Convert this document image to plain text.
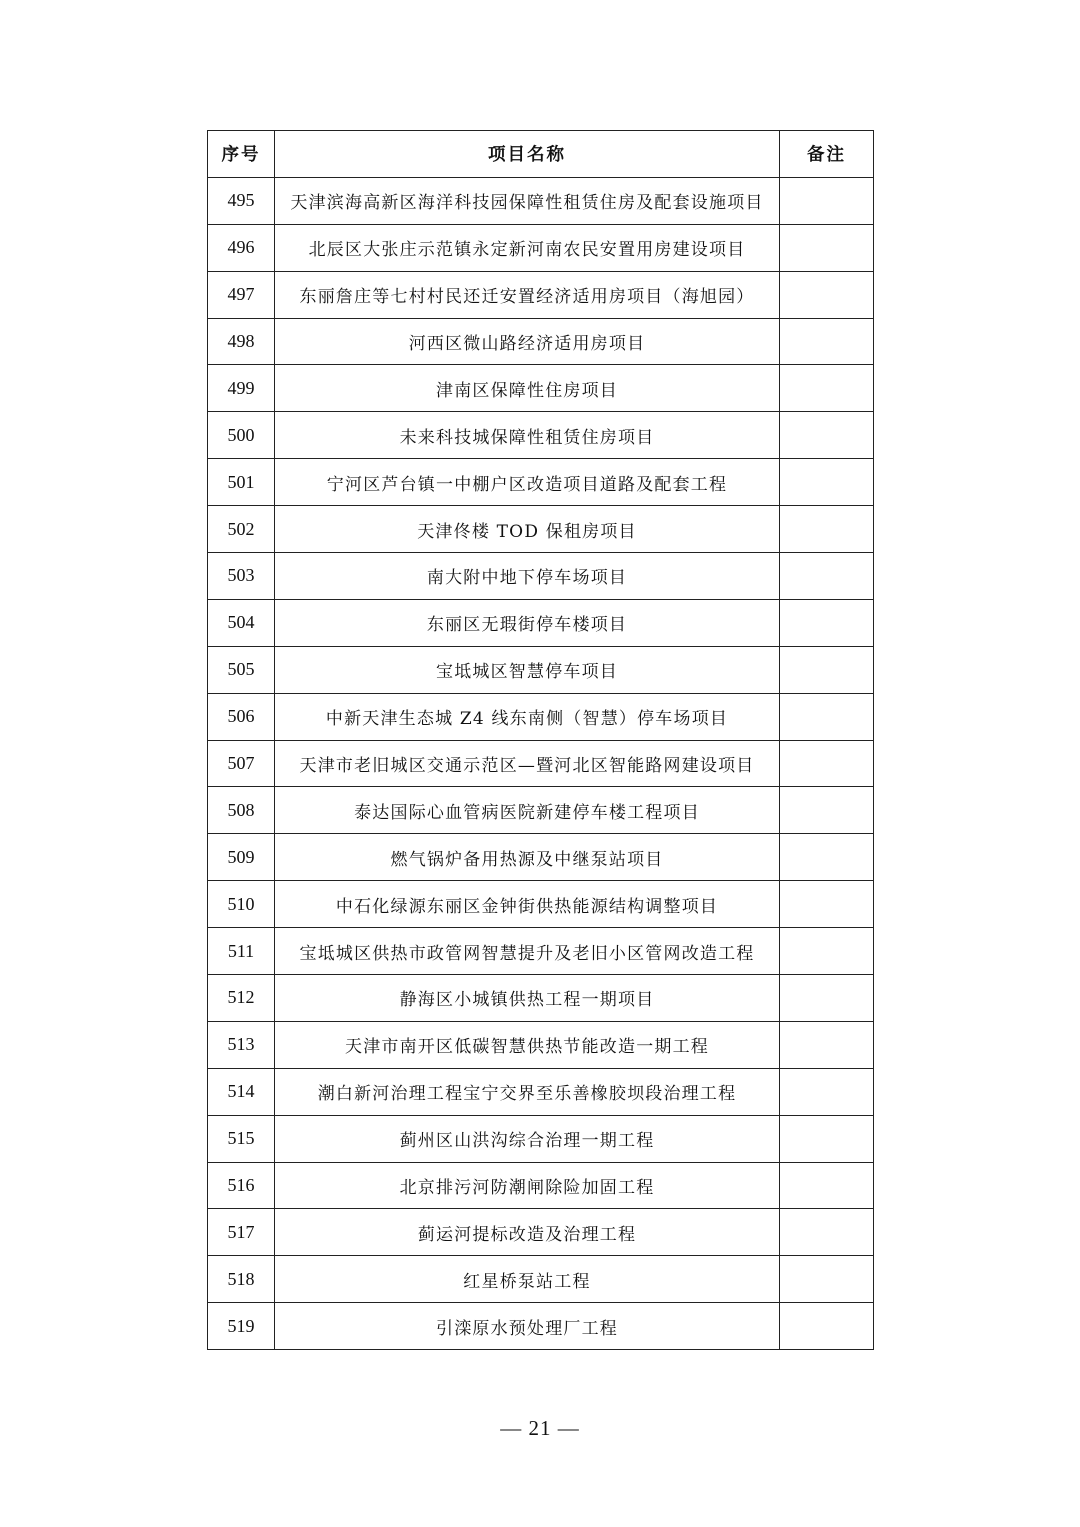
序号	项目名称	备注
495	天津滨海高新区海洋科技园保障性租赁住房及配套设施项目	
496	北辰区大张庄示范镇永定新河南农民安置用房建设项目	
497	东丽詹庄等七村村民还迁安置经济适用房项目（海旭园）	
498	河西区微山路经济适用房项目	
499	津南区保障性住房项目	
500	未来科技城保障性租赁住房项目	
501	宁河区芦台镇一中棚户区改造项目道路及配套工程	
502	天津佟楼 TOD 保租房项目	
503	南大附中地下停车场项目	
504	东丽区无瑕街停车楼项目	
505	宝坻城区智慧停车项目	
506	中新天津生态城 Z4 线东南侧（智慧）停车场项目	
507	天津市老旧城区交通示范区—暨河北区智能路网建设项目	
508	泰达国际心血管病医院新建停车楼工程项目	
509	燃气锅炉备用热源及中继泵站项目	
510	中石化绿源东丽区金钟街供热能源结构调整项目	
511	宝坻城区供热市政管网智慧提升及老旧小区管网改造工程	
512	静海区小城镇供热工程一期项目	
513	天津市南开区低碳智慧供热节能改造一期工程	
514	潮白新河治理工程宝宁交界至乐善橡胶坝段治理工程	
515	蓟州区山洪沟综合治理一期工程	
516	北京排污河防潮闸除险加固工程	
517	蓟运河提标改造及治理工程	
518	红星桥泵站工程	
519	引滦原水预处理厂工程	
— 21 —
